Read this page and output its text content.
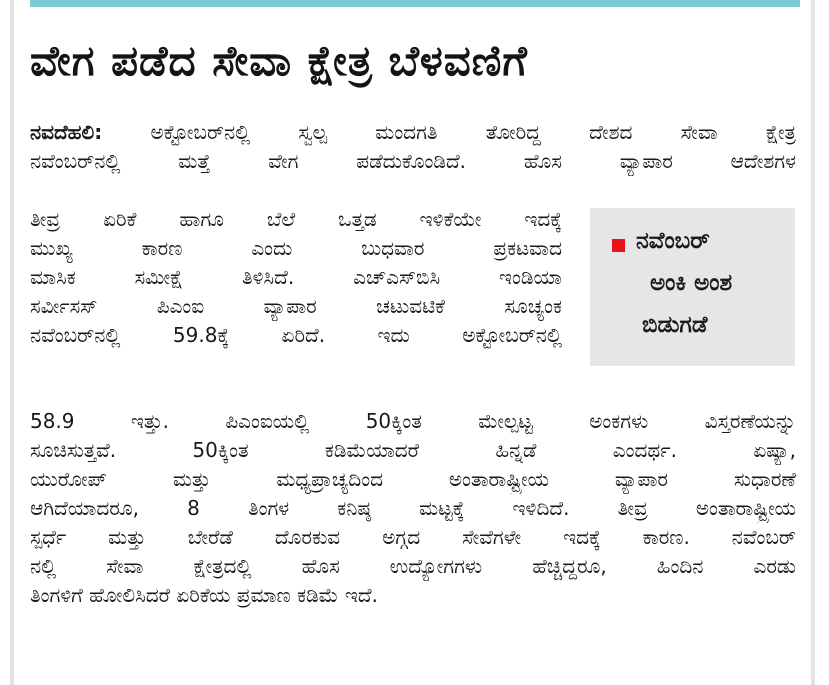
ವೇಗ ಪಡೆದ ಸೇವಾ ಕ್ಷೇತ್ರ ಬೆಳವಣಿಗೆ
ನವದೆಹಲಿ: ಅಕ್ಟೋಬರ್‌ನಲ್ಲಿ ಸ್ವಲ್ಪ ಮಂದಗತಿ ತೋರಿದ್ದ ದೇಶದ ಸೇವಾ ಕ್ಷೇತ್ರ
ನವೆಂಬರ್‌ನಲ್ಲಿ ಮತ್ತೆ ವೇಗ ಪಡೆದುಕೊಂಡಿದೆ. ಹೊಸ ವ್ಯಾಪಾರ ಆದೇಶಗಳ
ತೀವ್ರ ಏರಿಕೆ ಹಾಗೂ ಬೆಲೆ ಒತ್ತಡ ಇಳಿಕೆಯೇ ಇದಕ್ಕೆ
ಮುಖ್ಯ ಕಾರಣ ಎಂದು ಬುಧವಾರ ಪ್ರಕಟವಾದ
ಮಾಸಿಕ ಸಮೀಕ್ಷೆ ತಿಳಿಸಿದೆ. ಎಚ್‌ಎಸ್‌ಬಿಸಿ ಇಂಡಿಯಾ
ಸರ್ವೀಸಸ್ ಪಿಎಂಐ ವ್ಯಾಪಾರ ಚಟುವಟಿಕೆ ಸೂಚ್ಯಂಕ
ನವೆಂಬರ್‌ನಲ್ಲಿ 59.8ಕ್ಕೆ ಏರಿದೆ. ಇದು ಅಕ್ಟೋಬರ್‌ನಲ್ಲಿ
ನವೆಂಬರ್
ಅಂಕಿ ಅಂಶ
ಬಿಡುಗಡೆ
58.9 ಇತ್ತು. ಪಿಎಂಐಯಲ್ಲಿ 50ಕ್ಕಿಂತ ಮೇಲ್ಪಟ್ಟ ಅಂಕಗಳು ವಿಸ್ತರಣೆಯನ್ನು
ಸೂಚಿಸುತ್ತವೆ. 50ಕ್ಕಿಂತ ಕಡಿಮೆಯಾದರೆ ಹಿನ್ನಡೆ ಎಂದರ್ಥ. ಏಷ್ಯಾ,
ಯುರೋಪ್ ಮತ್ತು ಮಧ್ಯಪ್ರಾಚ್ಯದಿಂದ ಅಂತಾರಾಷ್ಟ್ರೀಯ ವ್ಯಾಪಾರ ಸುಧಾರಣೆ
ಆಗಿದೆಯಾದರೂ, 8 ತಿಂಗಳ ಕನಿಷ್ಠ ಮಟ್ಟಕ್ಕೆ ಇಳಿದಿದೆ. ತೀವ್ರ ಅಂತಾರಾಷ್ಟ್ರೀಯ
ಸ್ಪರ್ಧೆ ಮತ್ತು ಬೇರೆಡೆ ದೊರಕುವ ಅಗ್ಗದ ಸೇವೆಗಳೇ ಇದಕ್ಕೆ ಕಾರಣ. ನವೆಂಬರ್
ನಲ್ಲಿ ಸೇವಾ ಕ್ಷೇತ್ರದಲ್ಲಿ ಹೊಸ ಉದ್ಯೋಗಗಳು ಹೆಚ್ಚಿದ್ದರೂ, ಹಿಂದಿನ ಎರಡು
ತಿಂಗಳಿಗೆ ಹೋಲಿಸಿದರೆ ಏರಿಕೆಯ ಪ್ರಮಾಣ ಕಡಿಮೆ ಇದೆ.
